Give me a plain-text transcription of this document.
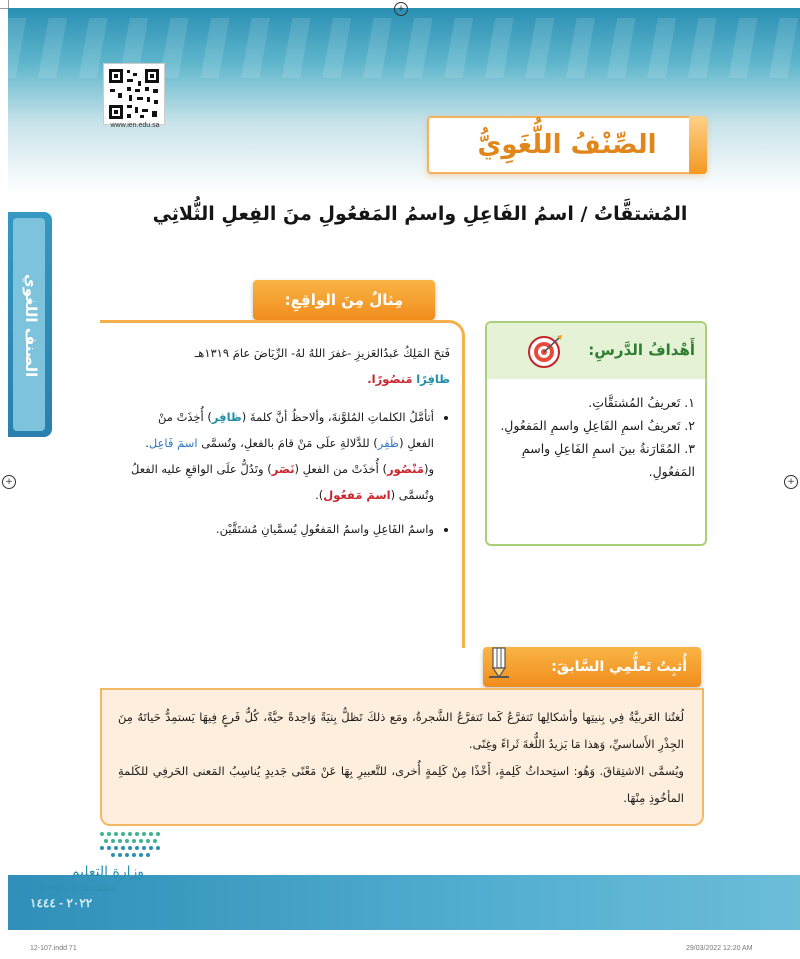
+
+	+
www.ien.edu.sa
الصِّنْفُ اللُّغَوِيُّ
المُشتقَّاتُ / اسمُ الفَاعِلِ واسمُ المَفعُولِ منَ الفِعلِ الثُّلاثِي
الصنف اللغوي	مِثالٌ مِنَ الواقِعِ:

فَتحَ المَلِكُ عَبدُالعَزيزِ -غفرَ اللهُ لهُ- الرِّيَاضَ عامَ ١٣١٩هـ
ظافِرًا مَنصُورًا.

• أتأمَّلُ الكلماتِ المُلوَّنةَ، وألاحظُ أنَّ كلمةَ (ظافِر) أُخِذَتْ منْ الفعلِ (ظَفِر) للدَّلالةِ علَى مَنْ قامَ بالفعلِ، وتُسمَّى اسمَ فَاعِل. و(مَنْصُور) أُخذَتْ من الفعلِ (نَصَر) وتَدُلُّ علَى الواقعِ عليه الفعلُ وتُسمَّى (اسمَ مَفعُول).
• واسمُ الفَاعِلِ واسمُ المَفعُولِ يُسمَّيانِ مُشتَقَّيْن.
أَهْدافُ الدَّرسِ:
١. تَعريفُ المُشتقَّاتِ.
٢. تَعريفُ اسمِ الفَاعِلِ واسمِ المَفعُولِ.
٣. المُقَارَنةُ بينَ اسمِ الفَاعِلِ واسمِ المَفعُولِ.
أُثبِتُ تَعلُّمِي السَّابقَ:

لُغتُنا العَربيَّةُ فِي بِنيتِها وأشكالِها تَتفرَّعُ كَما تَتفرَّعُ الشَّجرةُ، ومَع ذلكَ تَظلُّ بِنيَةً وَاحِدةً حيَّةً، كُلُّ فَرعٍ فِيهَا يَستمِدُّ حَياتَهُ مِنَ الجِذْرِ الأَساسيِّ، وَهذا مَا يَزيدُ اللُّغةَ ثَراءً وغِنًى.

ويُسمَّى الاشتِقاقَ. وَهُو: استِحداثُ كَلِمةٍ، أَخْذًا مِنْ كَلِمةٍ أُخرى، للتَّعبيرِ بِهَا عَنْ مَعْنًى جَديدٍ يُناسِبُ المَعنى الحَرفِي للكَلمةِ المأخُوذِ مِنْهَا.

وزارة التعليم
Ministry of Education
٢٠٢٢ - ١٤٤٤
12-107.indd 71	29/03/2022 12:20 AM
